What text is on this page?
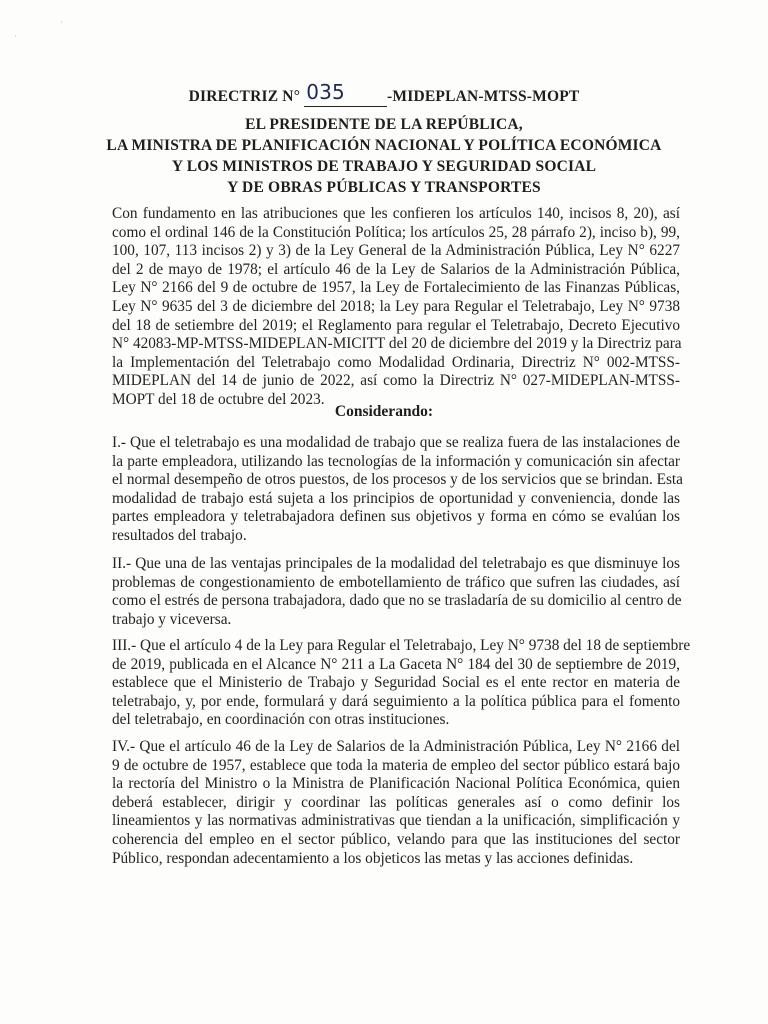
·
·
DIRECTRIZ N° 035	-MIDEPLAN-MTSS-MOPT
EL PRESIDENTE DE LA REPÚBLICA,
LA MINISTRA DE PLANIFICACIÓN NACIONAL Y POLÍTICA ECONÓMICA
Y LOS MINISTROS DE TRABAJO Y SEGURIDAD SOCIAL
Y DE OBRAS PÚBLICAS Y TRANSPORTES
Con fundamento en las atribuciones que les confieren los artículos 140, incisos 8, 20), así
como el ordinal 146 de la Constitución Política; los artículos 25, 28 párrafo 2), inciso b), 99,
100, 107, 113 incisos 2) y 3) de la Ley General de la Administración Pública, Ley N° 6227
del 2 de mayo de 1978; el artículo 46 de la Ley de Salarios de la Administración Pública,
Ley N° 2166 del 9 de octubre de 1957, la Ley de Fortalecimiento de las Finanzas Públicas,
Ley N° 9635 del 3 de diciembre del 2018; la Ley para Regular el Teletrabajo, Ley N° 9738
del 18 de setiembre del 2019; el Reglamento para regular el Teletrabajo, Decreto Ejecutivo
N° 42083-MP-MTSS-MIDEPLAN-MICITT del 20 de diciembre del 2019 y la Directriz para
la Implementación del Teletrabajo como Modalidad Ordinaria, Directriz N° 002-MTSS-
MIDEPLAN del 14 de junio de 2022, así como la Directriz N° 027-MIDEPLAN-MTSS-
MOPT del 18 de octubre del 2023.
Considerando:
I.- Que el teletrabajo es una modalidad de trabajo que se realiza fuera de las instalaciones de
la parte empleadora, utilizando las tecnologías de la información y comunicación sin afectar
el normal desempeño de otros puestos, de los procesos y de los servicios que se brindan. Esta
modalidad de trabajo está sujeta a los principios de oportunidad y conveniencia, donde las
partes empleadora y teletrabajadora definen sus objetivos y forma en cómo se evalúan los
resultados del trabajo.
II.- Que una de las ventajas principales de la modalidad del teletrabajo es que disminuye los
problemas de congestionamiento de embotellamiento de tráfico que sufren las ciudades, así
como el estrés de persona trabajadora, dado que no se trasladaría de su domicilio al centro de
trabajo y viceversa.
III.- Que el artículo 4 de la Ley para Regular el Teletrabajo, Ley N° 9738 del 18 de septiembre
de 2019, publicada en el Alcance N° 211 a La Gaceta N° 184 del 30 de septiembre de 2019,
establece que el Ministerio de Trabajo y Seguridad Social es el ente rector en materia de
teletrabajo, y, por ende, formulará y dará seguimiento a la política pública para el fomento
del teletrabajo, en coordinación con otras instituciones.
IV.- Que el artículo 46 de la Ley de Salarios de la Administración Pública, Ley N° 2166 del
9 de octubre de 1957, establece que toda la materia de empleo del sector público estará bajo
la rectoría del Ministro o la Ministra de Planificación Nacional Política Económica, quien
deberá establecer, dirigir y coordinar las políticas generales así o como definir los
lineamientos y las normativas administrativas que tiendan a la unificación, simplificación y
coherencia del empleo en el sector público, velando para que las instituciones del sector
Público, respondan adecentamiento a los objeticos las metas y las acciones definidas.
